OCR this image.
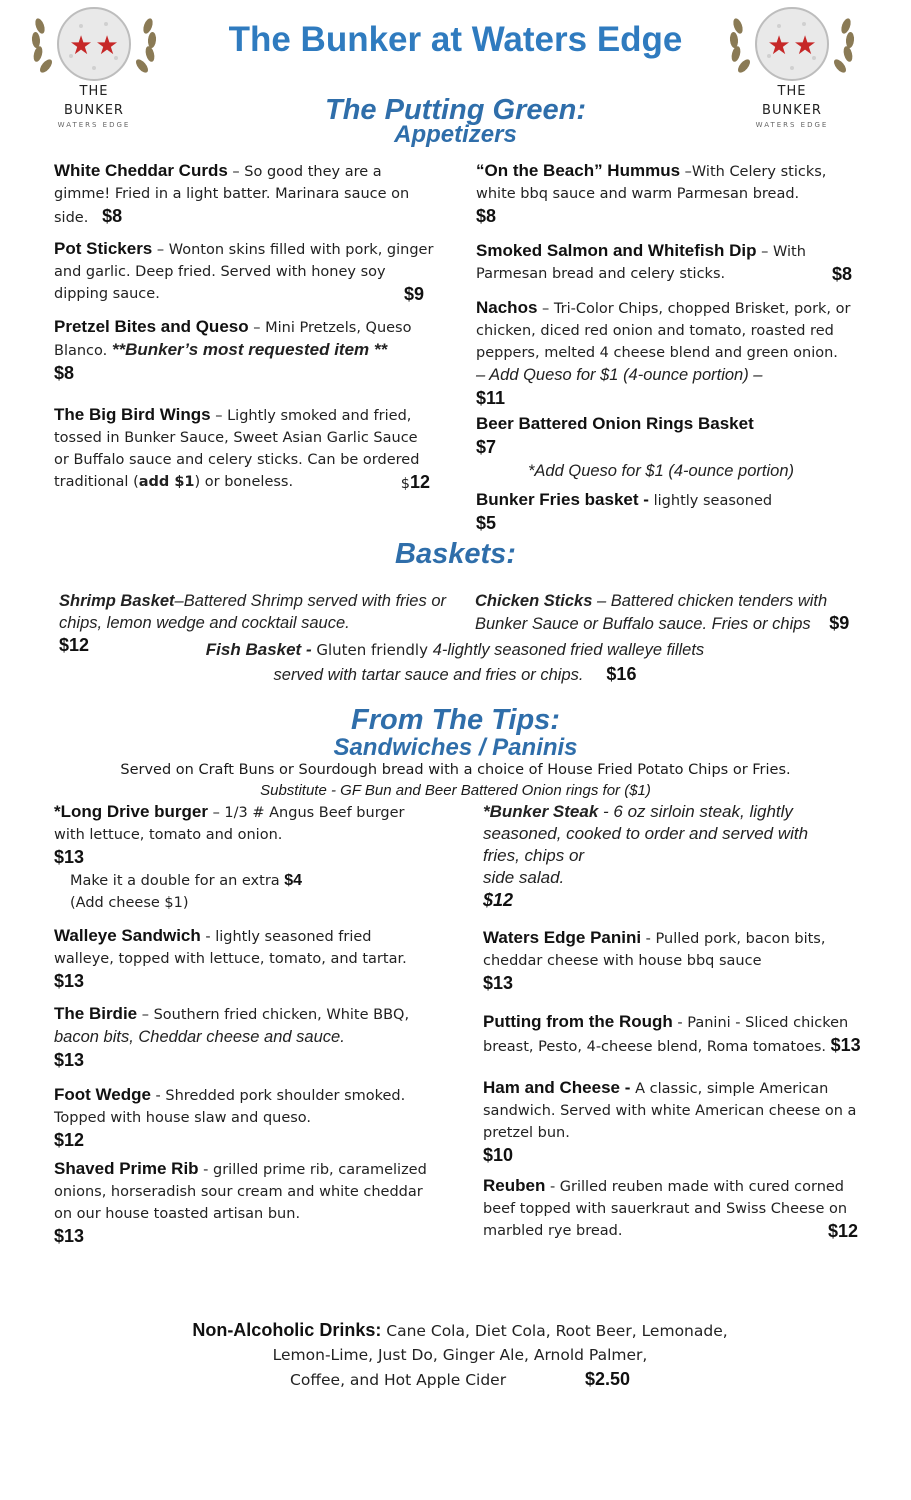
★ ★
THE
BUNKER
WATERS EDGE
★ ★
THE
BUNKER
WATERS EDGE
The Bunker at Waters Edge
The Putting Green:
Appetizers
White Cheddar Curds – So good they are a gimme! Fried in a light batter. Marinara sauce on side. $8
Pot Stickers – Wonton skins filled with pork, ginger and garlic. Deep fried. Served with honey soy dipping sauce.	$9
Pretzel Bites and Queso – Mini Pretzels, Queso Blanco. **Bunker’s most requested item **
$8
The Big Bird Wings – Lightly smoked and fried, tossed in Bunker Sauce, Sweet Asian Garlic Sauce or Buffalo sauce and celery sticks. Can be ordered traditional (add $1) or boneless.	$12
“On the Beach” Hummus –With Celery sticks, white bbq sauce and warm Parmesan bread.
$8
Smoked Salmon and Whitefish Dip – With Parmesan bread and celery sticks.	$8
Nachos – Tri-Color Chips, chopped Brisket, pork, or chicken, diced red onion and tomato, roasted red peppers, melted 4 cheese blend and green onion.
– Add Queso for $1 (4-ounce portion) –
$11
Beer Battered Onion Rings Basket
$7
*Add Queso for $1 (4-ounce portion)
Bunker Fries basket - lightly seasoned
$5
Baskets:
Shrimp Basket–Battered Shrimp served with fries or chips, lemon wedge and cocktail sauce.
$12
Chicken Sticks – Battered chicken tenders with Bunker Sauce or Buffalo sauce. Fries or chips $9
Fish Basket - Gluten friendly 4-lightly seasoned fried walleye fillets
served with tartar sauce and fries or chips. $16
From The Tips:
Sandwiches / Paninis
Served on Craft Buns or Sourdough bread with a choice of House Fried Potato Chips or Fries.
Substitute - GF Bun and Beer Battered Onion rings for ($1)
*Long Drive burger – 1/3 # Angus Beef burger with lettuce, tomato and onion.
$13
Make it a double for an extra $4
(Add cheese $1)
Walleye Sandwich - lightly seasoned fried walleye, topped with lettuce, tomato, and tartar.
$13
The Birdie – Southern fried chicken, White BBQ,
bacon bits, Cheddar cheese and sauce.
$13
Foot Wedge - Shredded pork shoulder smoked. Topped with house slaw and queso.
$12
Shaved Prime Rib - grilled prime rib, caramelized onions, horseradish sour cream and white cheddar on our house toasted artisan bun.
$13
*Bunker Steak - 6 oz sirloin steak, lightly seasoned, cooked to order and served with fries, chips or
side salad.
$12
Waters Edge Panini - Pulled pork, bacon bits, cheddar cheese with house bbq sauce
$13
Putting from the Rough - Panini - Sliced chicken breast, Pesto, 4-cheese blend, Roma tomatoes. $13
Ham and Cheese - A classic, simple American sandwich. Served with white American cheese on a pretzel bun.
$10
Reuben - Grilled reuben made with cured corned beef topped with sauerkraut and Swiss Cheese on marbled rye bread.	$12
Non-Alcoholic Drinks: Cane Cola, Diet Cola, Root Beer, Lemonade,
Lemon-Lime, Just Do, Ginger Ale, Arnold Palmer,
Coffee, and Hot Apple Cider	$2.50
